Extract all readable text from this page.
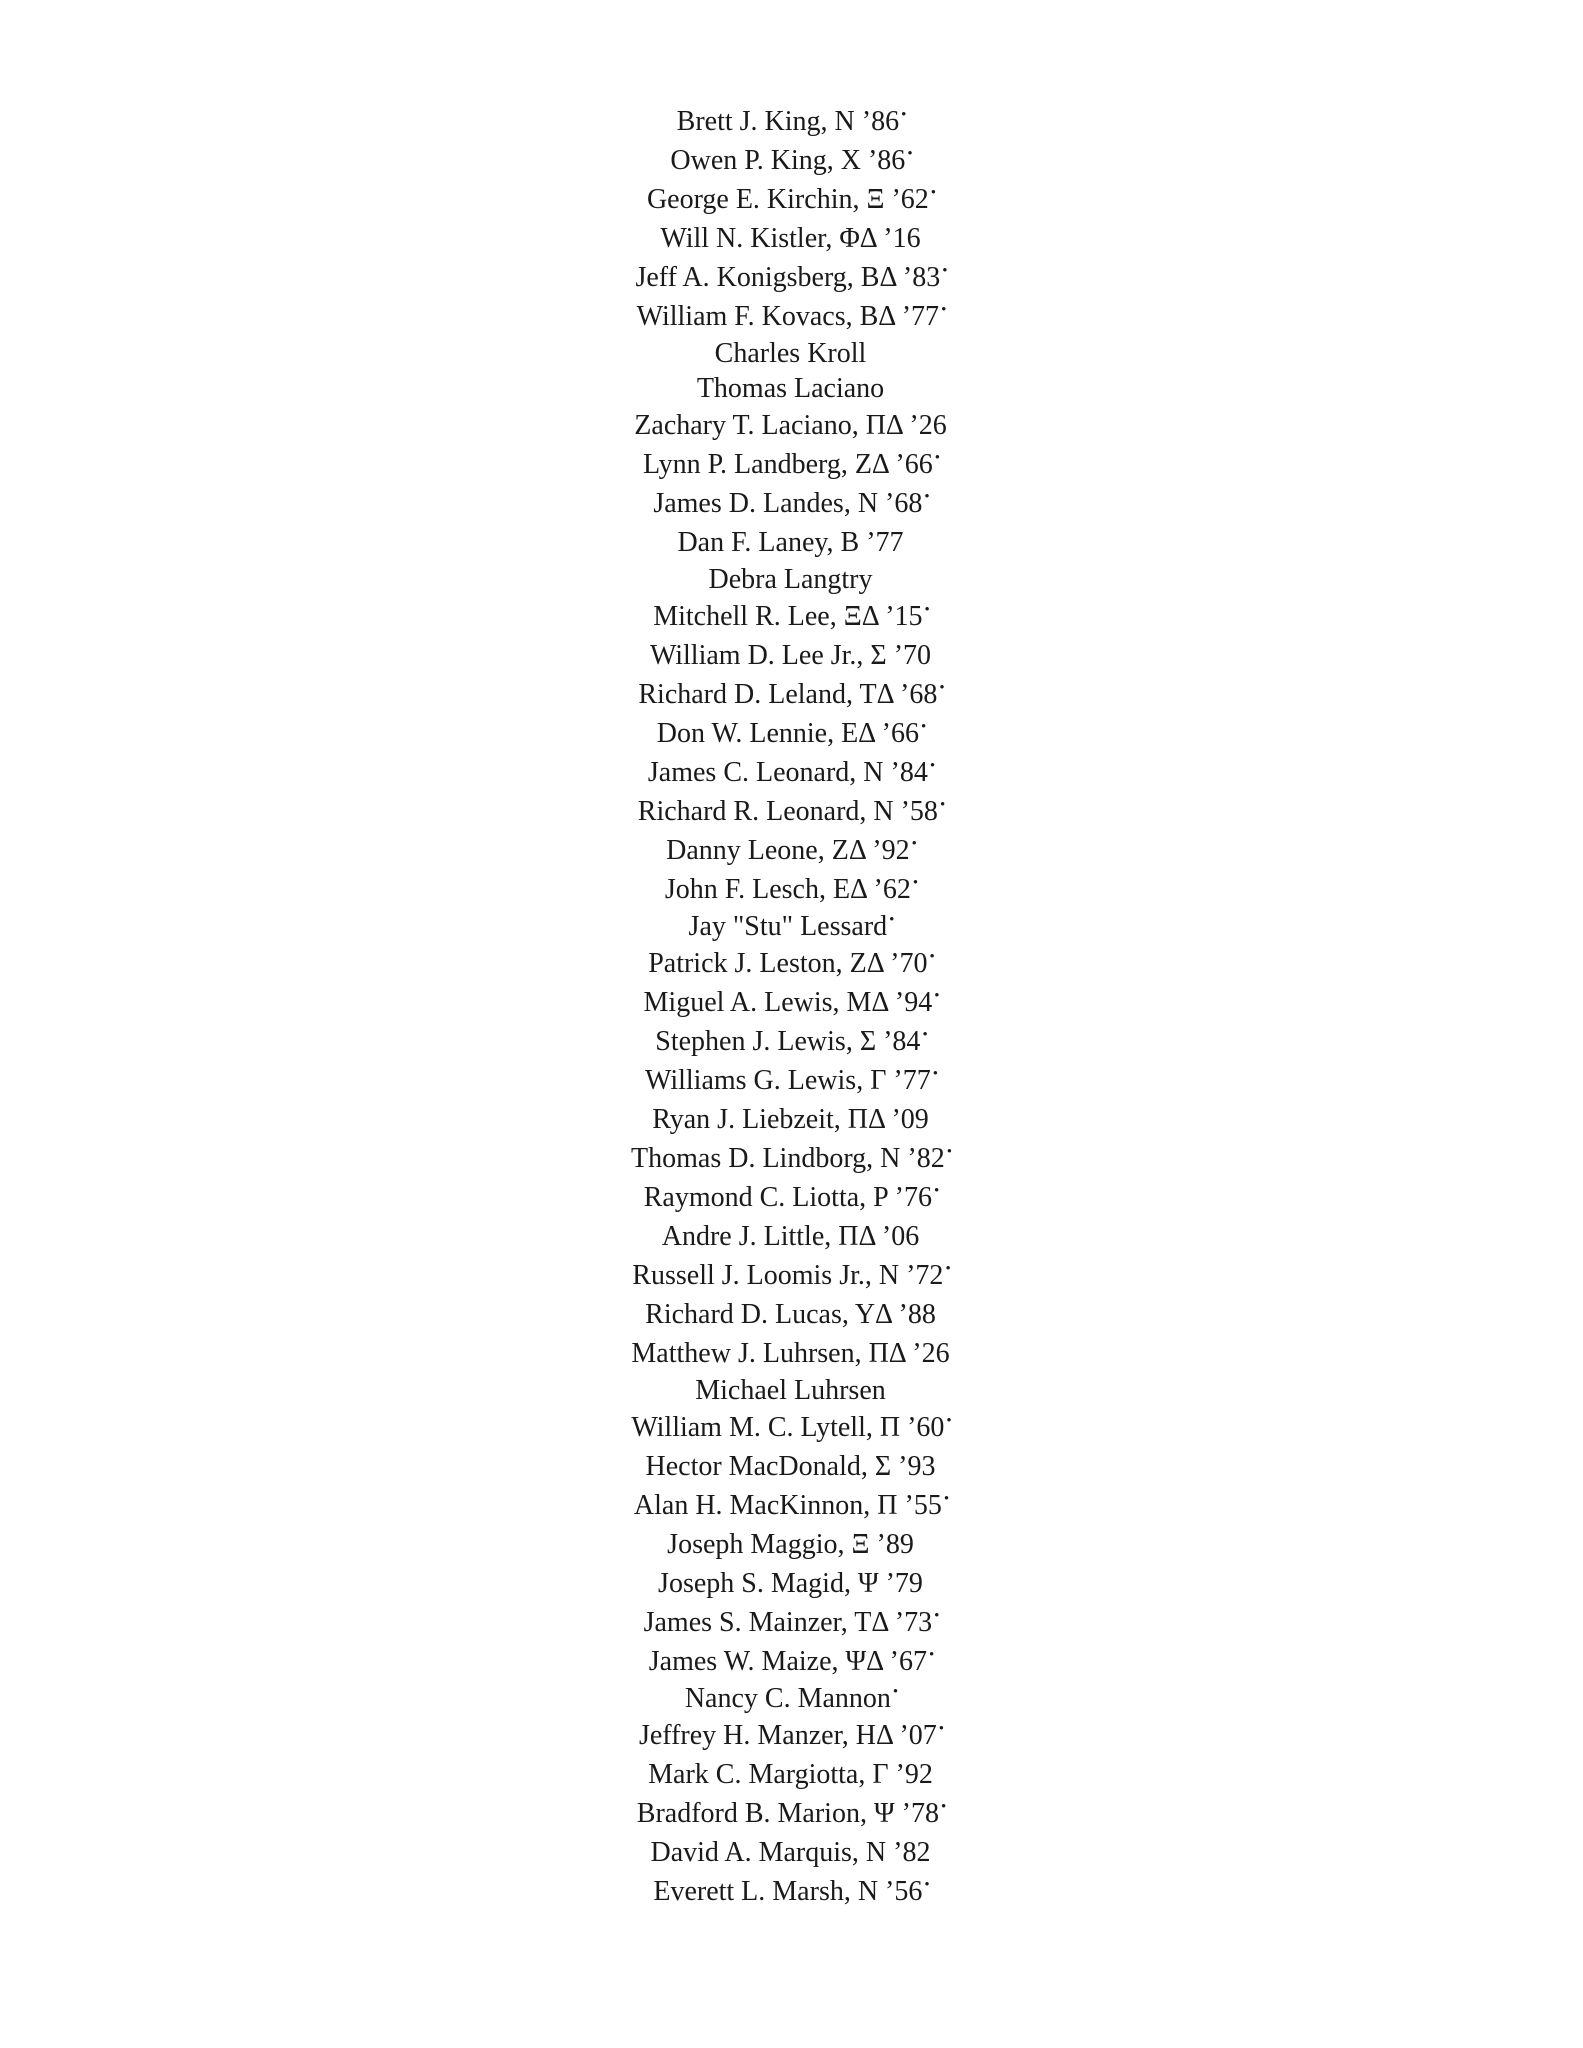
Brett J. King, N ’86 •
Owen P. King, X ’86 •
George E. Kirchin, Ξ ’62 •
Will N. Kistler, ΦΔ ’16
Jeff A. Konigsberg, BΔ ’83 •
William F. Kovacs, BΔ ’77 •
Charles Kroll
Thomas Laciano
Zachary T. Laciano, ΠΔ ’26
Lynn P. Landberg, ZΔ ’66 •
James D. Landes, N ’68 •
Dan F. Laney, B ’77
Debra Langtry
Mitchell R. Lee, ΞΔ ’15 •
William D. Lee Jr., Σ ’70
Richard D. Leland, TΔ ’68 •
Don W. Lennie, EΔ ’66 •
James C. Leonard, N ’84 •
Richard R. Leonard, N ’58 •
Danny Leone, ZΔ ’92 •
John F. Lesch, EΔ ’62 •
Jay "Stu" Lessard •
Patrick J. Leston, ZΔ ’70 •
Miguel A. Lewis, MΔ ’94 •
Stephen J. Lewis, Σ ’84 •
Williams G. Lewis, Γ ’77 •
Ryan J. Liebzeit, ΠΔ ’09
Thomas D. Lindborg, N ’82 •
Raymond C. Liotta, P ’76 •
Andre J. Little, ΠΔ ’06
Russell J. Loomis Jr., N ’72 •
Richard D. Lucas, YΔ ’88
Matthew J. Luhrsen, ΠΔ ’26
Michael Luhrsen
William M. C. Lytell, Π ’60 •
Hector MacDonald, Σ ’93
Alan H. MacKinnon, Π ’55 •
Joseph Maggio, Ξ ’89
Joseph S. Magid, Ψ ’79
James S. Mainzer, TΔ ’73 •
James W. Maize, ΨΔ ’67 •
Nancy C. Mannon •
Jeffrey H. Manzer, HΔ ’07 •
Mark C. Margiotta, Γ ’92
Bradford B. Marion, Ψ ’78 •
David A. Marquis, N ’82
Everett L. Marsh, N ’56 •
